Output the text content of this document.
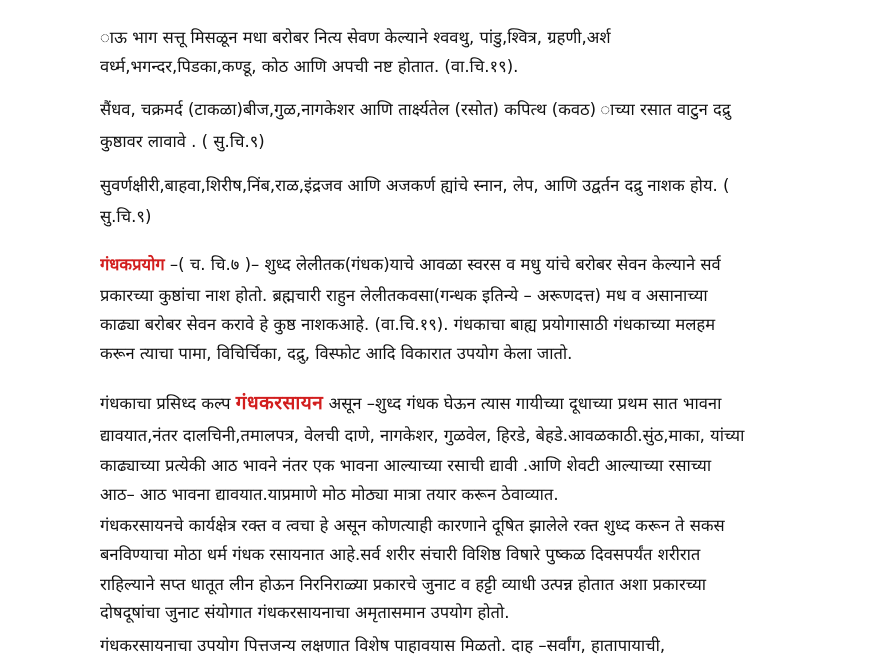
ाऊ भाग सत्तू मिसळून मधा बरोबर नित्य सेवण केल्याने श्ववथु, पांडु,श्वित्र, ग्रहणी,अर्श
वर्ध्म,भगन्दर,पिडका,कण्डू, कोठ आणि अपची नष्ट होतात. (वा.चि.१९).
सैंधव, चक्रमर्द (टाकळा)बीज,गुळ,नागकेशर आणि तार्क्ष्यतेल (रसोत) कपित्थ (कवठ) ाच्या रसात वाटुन दद्रु
कुष्ठावर लावावे . ( सु.चि.९)
सुवर्णक्षीरी,बाहवा,शिरीष,निंब,राळ,इंद्रजव आणि अजकर्ण ह्यांचे स्नान, लेप, आणि उद्वर्तन दद्रु नाशक होय. (
सु.चि.९)
गंधकप्रयोग –( च. चि.७ )– शुध्द लेलीतक(गंधक)याचे आवळा स्वरस व मधु यांचे बरोबर सेवन केल्याने सर्व
प्रकारच्या कुष्ठांचा नाश होतो. ब्रह्मचारी राहुन लेलीतकवसा(गन्धक इतिन्ये – अरूणदत्त) मध व असानाच्या
काढ्या बरोबर सेवन करावे हे कुष्ठ नाशकआहे. (वा.चि.१९). गंधकाचा बाह्य प्रयोगासाठी गंधकाच्या मलहम
करून त्याचा पामा, विचिर्चिका, दद्रु, विस्फोट आदि विकारात उपयोग केला जातो.
गंधकाचा प्रसिध्द कल्प गंधकरसायन असून –शुध्द गंधक घेऊन त्यास गायीच्या दूधाच्या प्रथम सात भावना
द्यावयात,नंतर दालचिनी,तमालपत्र, वेलची दाणे, नागकेशर, गुळवेल, हिरडे, बेहडे.आवळकाठी.सुंठ,माका, यांच्या
काढ्याच्या प्रत्येकी आठ भावने नंतर एक भावना आल्याच्या रसाची द्यावी .आणि शेवटी आल्याच्या रसाच्या
आठ– आठ भावना द्यावयात.याप्रमाणे मोठ मोठ्या मात्रा तयार करून ठेवाव्यात.
गंधकरसायनचे कार्यक्षेत्र रक्त व त्वचा हे असून कोणत्याही कारणाने दूषित झालेले रक्त शुध्द करून ते सकस
बनविण्याचा मोठा धर्म गंधक रसायनात आहे.सर्व शरीर संचारी विशिष्ठ विषारे पुष्कळ दिवसपर्यंत शरीरात
राहिल्याने सप्त धातूत लीन होऊन निरनिराळ्या प्रकारचे जुनाट व हट्टी व्याधी उत्पन्न होतात अशा प्रकारच्या
दोषदूषांचा जुनाट संयोगात गंधकरसायनाचा अमृतासमान उपयोग होतो.
गंधकरसायनाचा उपयोग पित्तजन्य लक्षणात विशेष पाहावयास मिळतो. दाह –सर्वांग, हातापायाची,
